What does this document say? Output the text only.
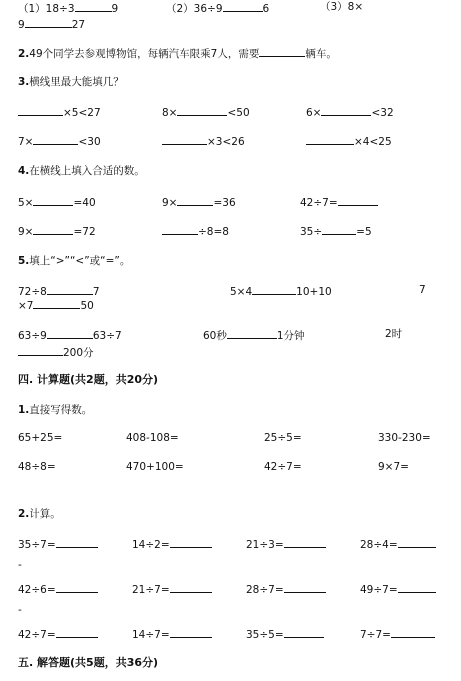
（1）18÷3	9	（2）36÷9	6	（3）8×
9	27
2.49个同学去参观博物馆，每辆汽车限乘7人，需要	辆车。
3.横线里最大能填几？
×5<27	8×	<50	6×	<32
7×	<30	×3<26	×4<25
4.在横线上填入合适的数。
5×	=40	9×	=36	42÷7=
9×	=72	÷8=8	35÷	=5
5.填上“>”“<”或“=”。
72÷8	7	5×4	10+10	7
×7	50
63÷9	63÷7	60秒	1分钟	2时
200分
四. 计算题(共2题，共20分)
1.直接写得数。
65+25=	408-108=	25÷5=	330-230=
48÷8=	470+100=	42÷7=	9×7=
2.计算。
35÷7=	14÷2=	21÷3=	28÷4=
-
42÷6=	21÷7=	28÷7=	49÷7=
-
42÷7=	14÷7=	35÷5=	7÷7=
五. 解答题(共5题，共36分)
